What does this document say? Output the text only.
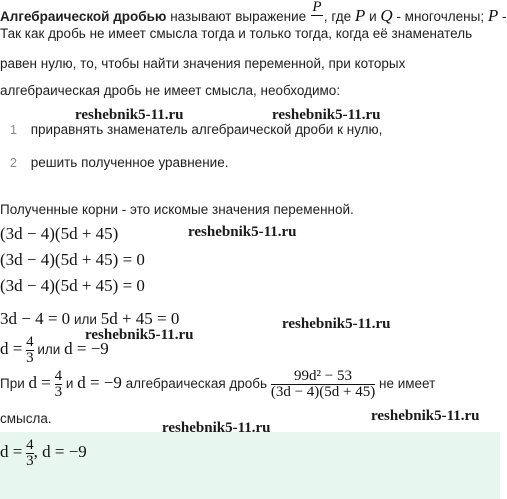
Алгебраической дробью называют выражение
P
, где P и Q - многочлены; P -
Так как дробь не имеет смысла тогда и только тогда, когда её знаменатель
равен нулю, то, чтобы найти значения переменной, при которых
алгебраическая дробь не имеет смысла, необходимо:
reshebnik5-11.ru	reshebnik5-11.ru
1 приравнять знаменатель алгебраической дроби к нулю,
2 решить полученное уравнение.
Полученные корни - это искомые значения переменной.
(3d − 4)(5d + 45)	reshebnik5-11.ru
(3d − 4)(5d + 45) = 0
(3d − 4)(5d + 45) = 0
3d − 4 = 0 или 5d + 45 = 0
reshebnik5-11.ru
reshebnik5-11.ru
$d = \frac{4}{3}$ или d = −9
При $d = \frac{4}{3}$ и d = −9 алгебраическая дробь $\frac{\text{99d² − 53}}{(3d - 4)(5d + 45)}$ не имеет
смысла.	reshebnik5-11.ru
reshebnik5-11.ru
$d = \frac{4}{3}$ , d = −9
